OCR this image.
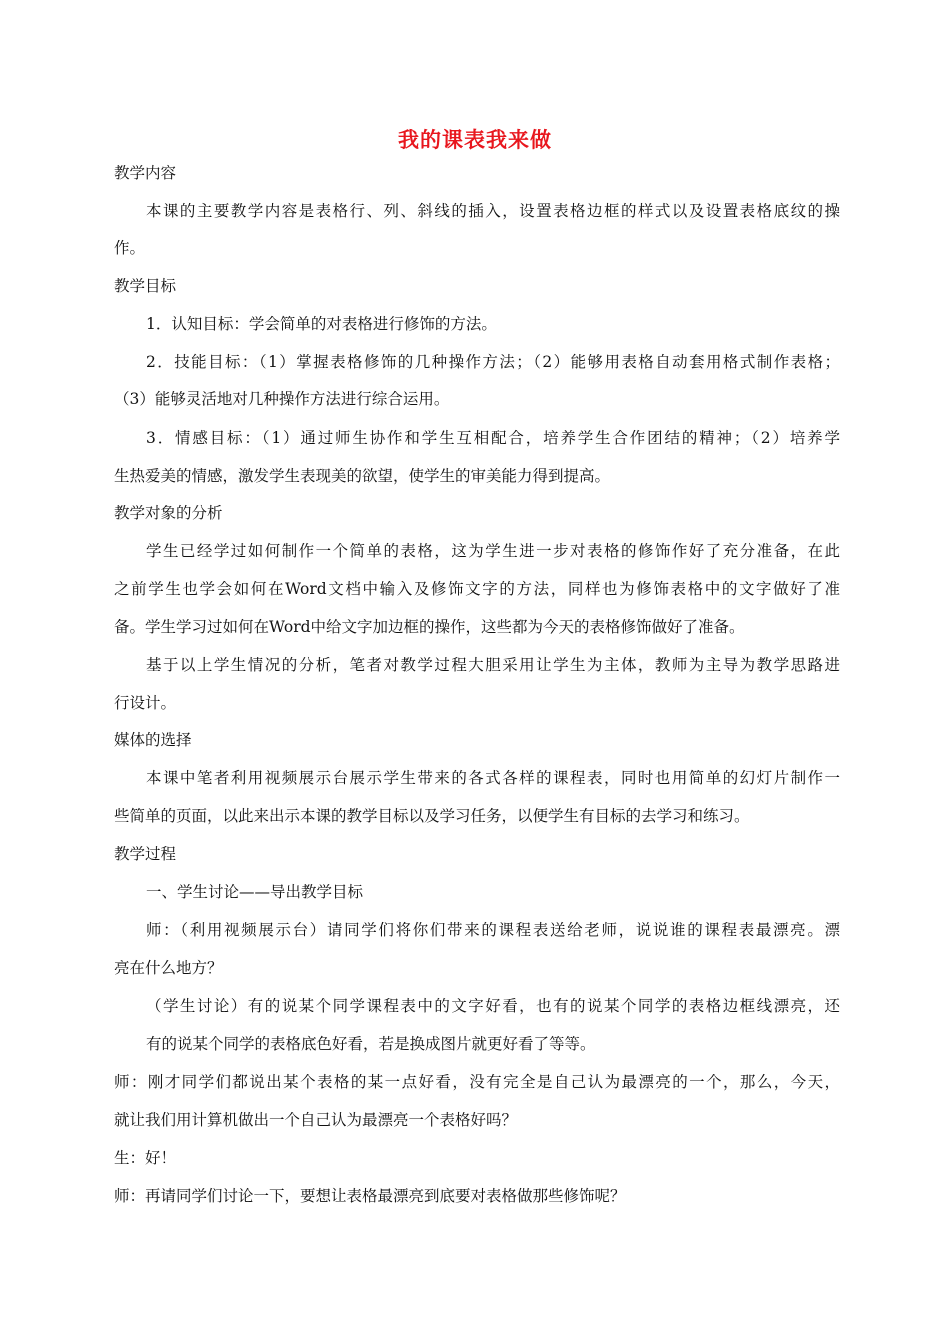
我的课表我来做
教学内容
本课的主要教学内容是表格行、列、斜线的插入，设置表格边框的样式以及设置表格底纹的操
作。
教学目标
1．认知目标：学会简单的对表格进行修饰的方法。
2．技能目标：（1）掌握表格修饰的几种操作方法；（2）能够用表格自动套用格式制作表格；
（3）能够灵活地对几种操作方法进行综合运用。
3．情感目标：（1）通过师生协作和学生互相配合，培养学生合作团结的精神；（2）培养学
生热爱美的情感，激发学生表现美的欲望，使学生的审美能力得到提高。
教学对象的分析
学生已经学过如何制作一个简单的表格，这为学生进一步对表格的修饰作好了充分准备，在此
之前学生也学会如何在Word文档中输入及修饰文字的方法，同样也为修饰表格中的文字做好了准
备。学生学习过如何在Word中给文字加边框的操作，这些都为今天的表格修饰做好了准备。
基于以上学生情况的分析，笔者对教学过程大胆采用让学生为主体，教师为主导为教学思路进
行设计。
媒体的选择
本课中笔者利用视频展示台展示学生带来的各式各样的课程表，同时也用简单的幻灯片制作一
些简单的页面，以此来出示本课的教学目标以及学习任务，以便学生有目标的去学习和练习。
教学过程
一、学生讨论——导出教学目标
师：（利用视频展示台）请同学们将你们带来的课程表送给老师，说说谁的课程表最漂亮。漂
亮在什么地方？
（学生讨论）有的说某个同学课程表中的文字好看，也有的说某个同学的表格边框线漂亮，还
有的说某个同学的表格底色好看，若是换成图片就更好看了等等。
师：刚才同学们都说出某个表格的某一点好看，没有完全是自己认为最漂亮的一个，那么，今天，
就让我们用计算机做出一个自己认为最漂亮一个表格好吗？
生：好！
师：再请同学们讨论一下，要想让表格最漂亮到底要对表格做那些修饰呢？
